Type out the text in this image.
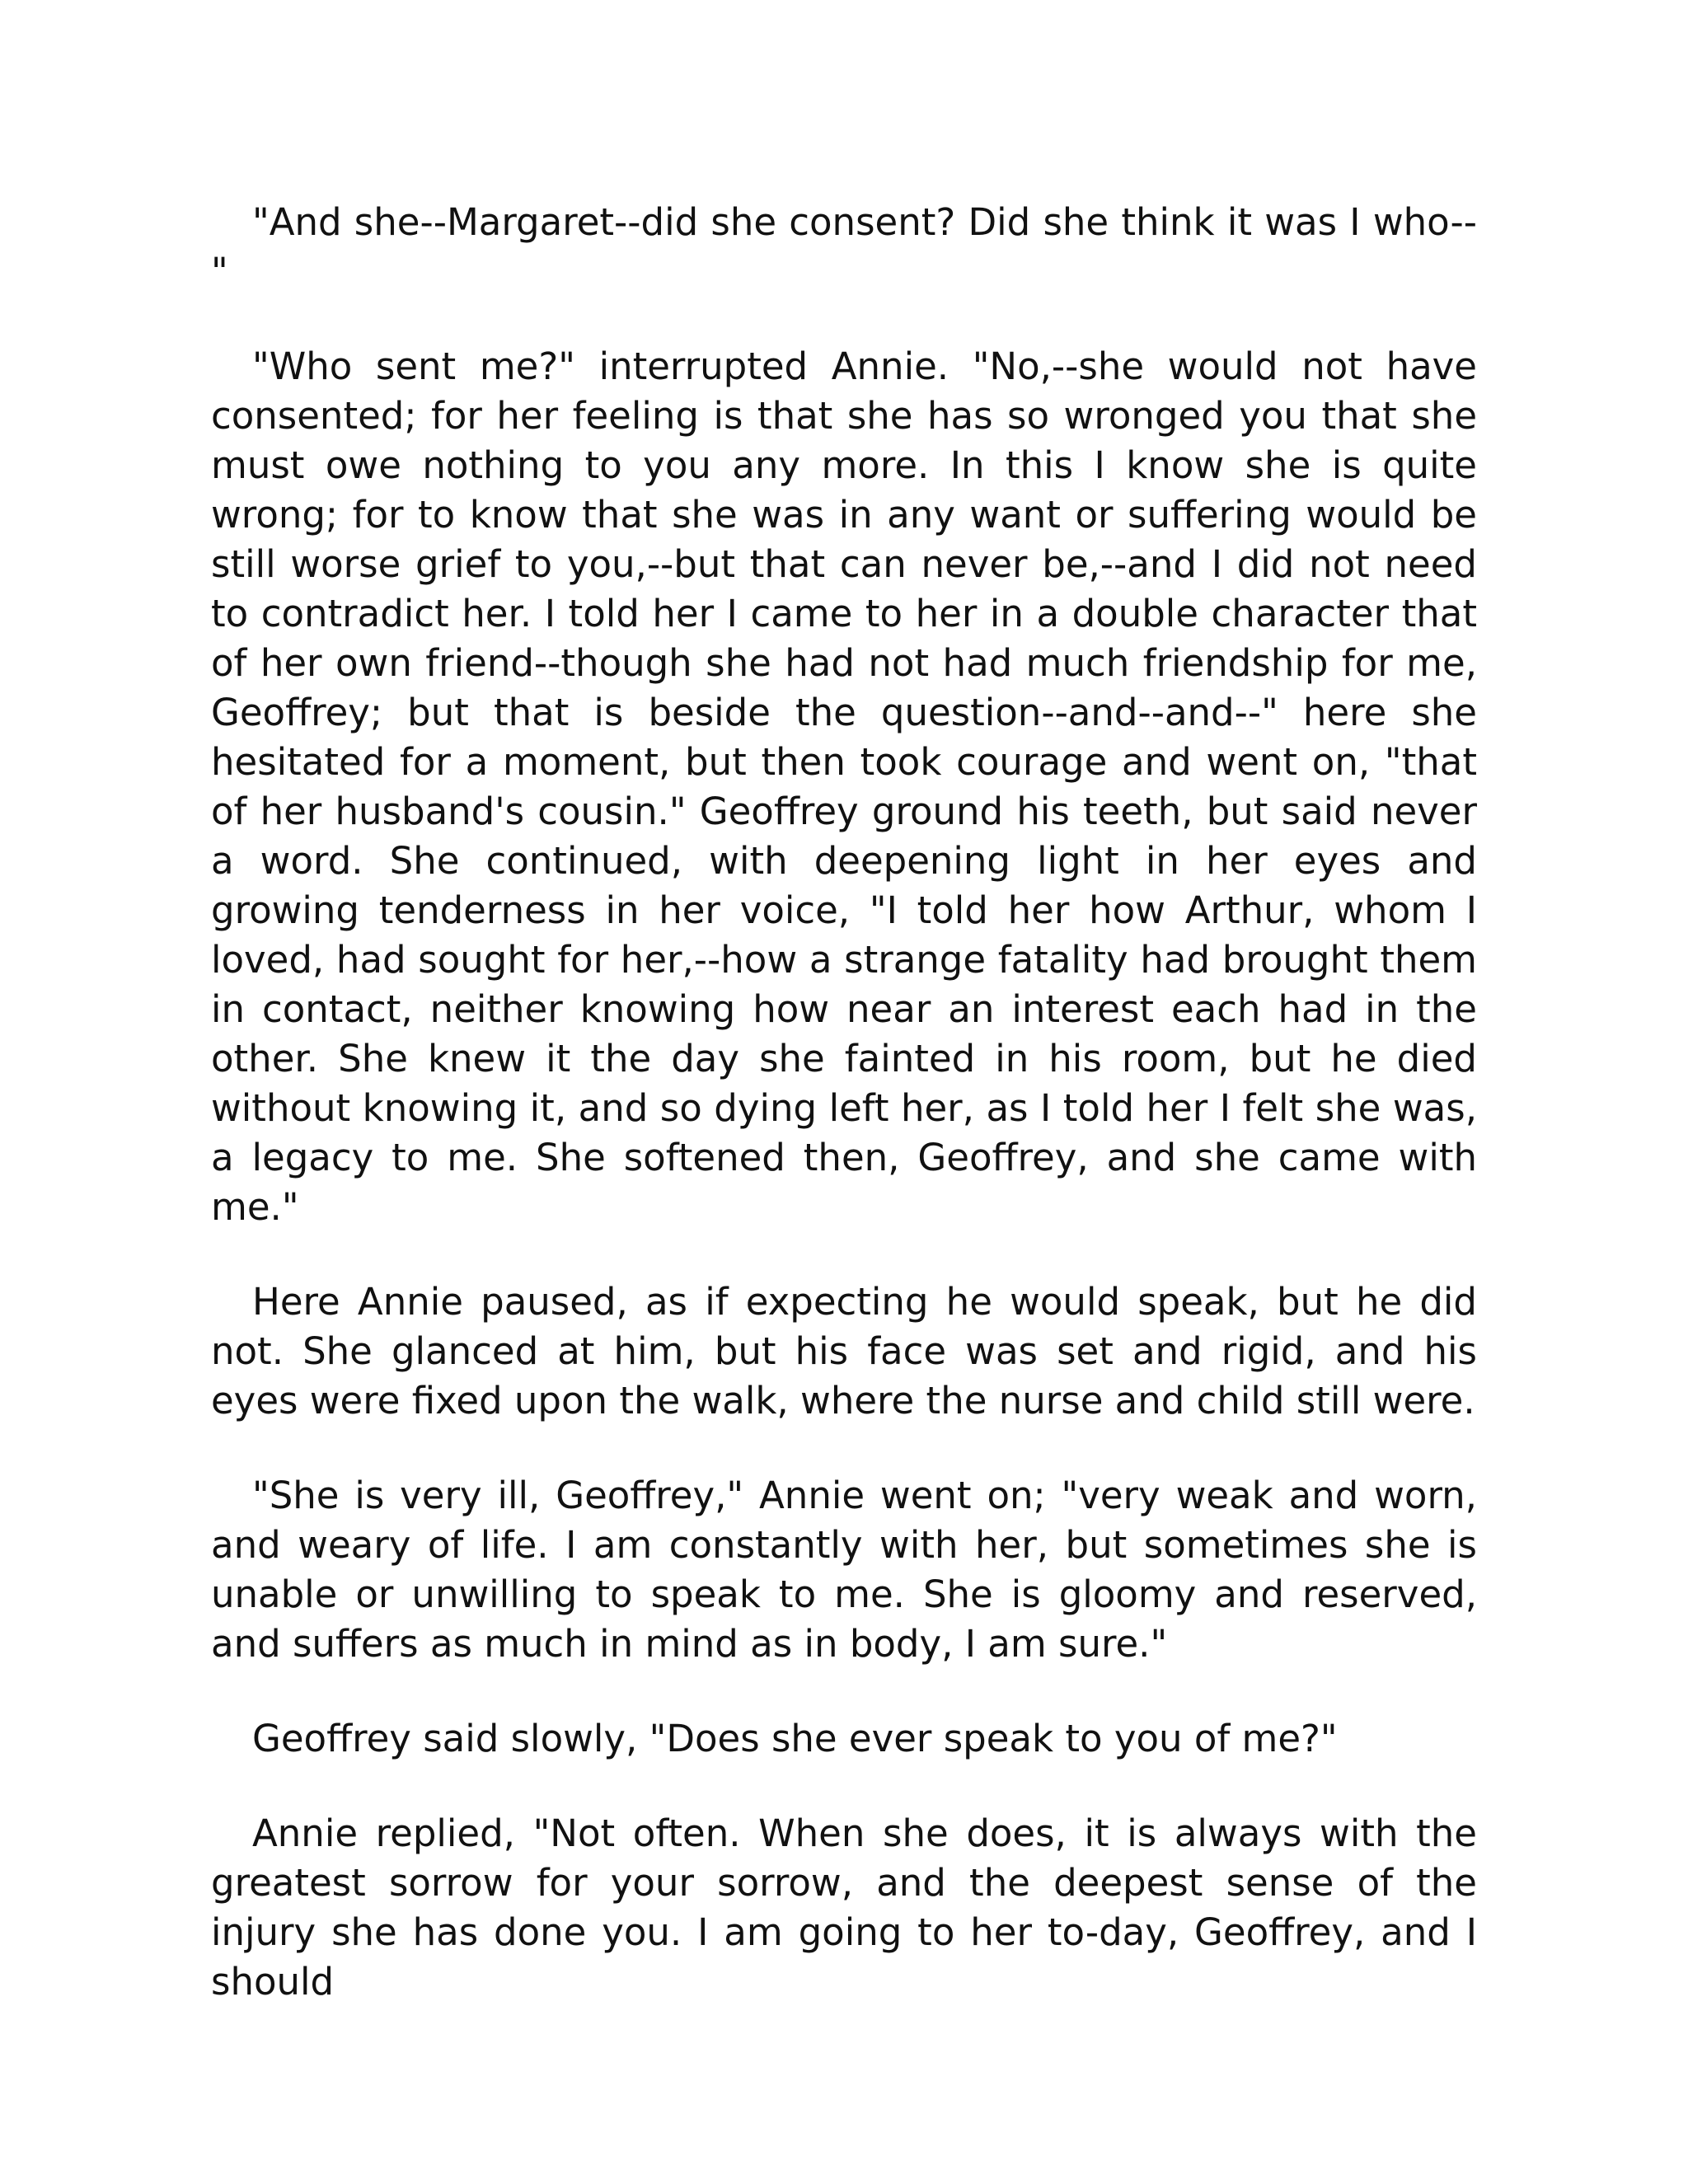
"And she--Margaret--did she consent? Did she think it was I who--"

"Who sent me?" interrupted Annie. "No,--she would not have consented; for her feeling is that she has so wronged you that she must owe nothing to you any more. In this I know she is quite wrong; for to know that she was in any want or suffering would be still worse grief to you,--but that can never be,--and I did not need to contradict her. I told her I came to her in a double character that of her own friend--though she had not had much friendship for me, Geoffrey; but that is beside the question--and--and--" here she hesitated for a moment, but then took courage and went on, "that of her husband's cousin." Geoffrey ground his teeth, but said never a word. She continued, with deepening light in her eyes and growing tenderness in her voice, "I told her how Arthur, whom I loved, had sought for her,--how a strange fatality had brought them in contact, neither knowing how near an interest each had in the other. She knew it the day she fainted in his room, but he died without knowing it, and so dying left her, as I told her I felt she was, a legacy to me. She softened then, Geoffrey, and she came with me."

Here Annie paused, as if expecting he would speak, but he did not. She glanced at him, but his face was set and rigid, and his eyes were fixed upon the walk, where the nurse and child still were.

"She is very ill, Geoffrey," Annie went on; "very weak and worn, and weary of life. I am constantly with her, but sometimes she is unable or unwilling to speak to me. She is gloomy and reserved, and suffers as much in mind as in body, I am sure."

Geoffrey said slowly, "Does she ever speak to you of me?"

Annie replied, "Not often. When she does, it is always with the greatest sorrow for your sorrow, and the deepest sense of the injury she has done you. I am going to her to-day, Geoffrey, and I should
